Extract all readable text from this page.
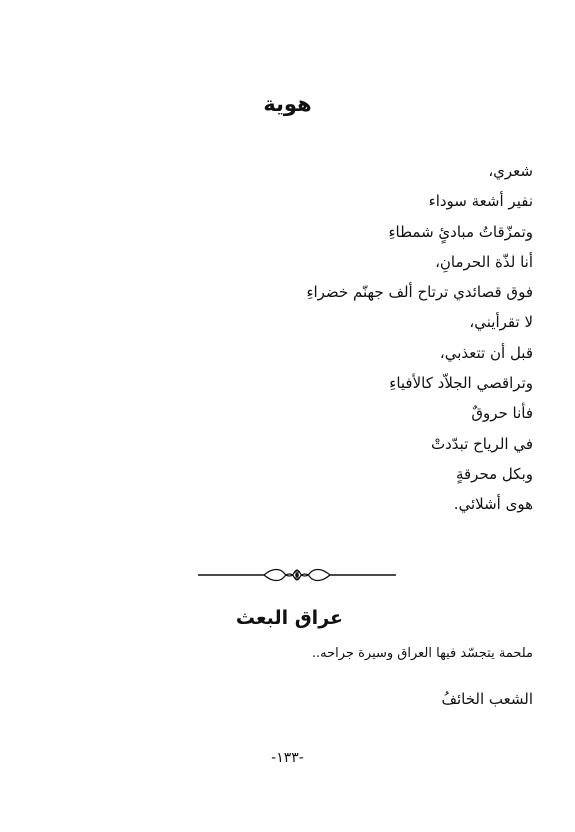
هوية
شعري،
نفير أشعة سوداء
وتمزّقاتُ مبادئٍ شمطاءِ
أنا لذّة الحرمانِ،
فوق قصائدي ترتاح ألف جهنّم خضراءِ
لا تقرأيني،
قبل أن تتعذبي،
وتراقصي الجلاّد كالأفياءِ
فأنا حروقٌ
في الرياح تبدّدتْ
وبكل محرقةٍ
هوى أشلائي.
عراق البعث
ملحمة يتجسّد فيها العراق وسيرة جراحه..
الشعب الخائفُ
-١٣٣-
